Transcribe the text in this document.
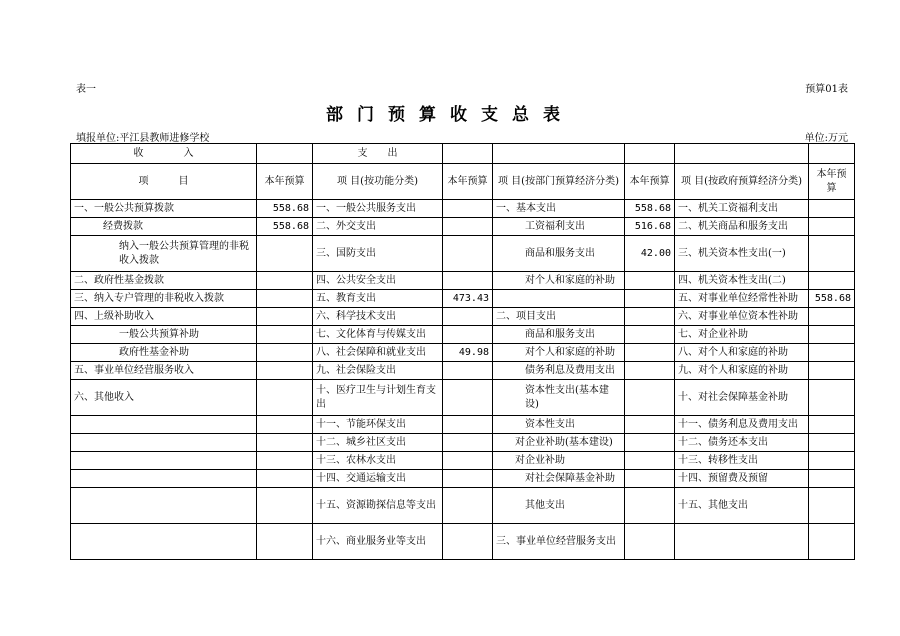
表一	预算01表
部门预算收支总表
填报单位:平江县教师进修学校	单位:万元
收　　　　入		支　　出					
项　　　目	本年预算	项 目(按功能分类)	本年预算	项 目(按部门预算经济分类)	本年预算	项 目(按政府预算经济分类)	本年预算
一、一般公共预算拨款	558.68	一、一般公共服务支出		一、基本支出	558.68	一、机关工资福利支出	
经费拨款	558.68	二、外交支出		工资福利支出	516.68	二、机关商品和服务支出	
纳入一般公共预算管理的非税收入拨款		三、国防支出		商品和服务支出	42.00	三、机关资本性支出(一)	
二、政府性基金拨款		四、公共安全支出		对个人和家庭的补助		四、机关资本性支出(二)	
三、纳入专户管理的非税收入拨款		五、教育支出	473.43			五、对事业单位经常性补助	558.68
四、上级补助收入		六、科学技术支出		二、项目支出		六、对事业单位资本性补助	
一般公共预算补助		七、文化体育与传媒支出		商品和服务支出		七、对企业补助	
政府性基金补助		八、社会保障和就业支出	49.98	对个人和家庭的补助		八、对个人和家庭的补助	
五、事业单位经营服务收入		九、社会保险支出		债务利息及费用支出		九、对个人和家庭的补助	
六、其他收入		十、医疗卫生与计划生育支出		资本性支出(基本建设)		十、对社会保障基金补助	
		十一、节能环保支出		资本性支出		十一、债务利息及费用支出	
		十二、城乡社区支出		对企业补助(基本建设)		十二、债务还本支出	
		十三、农林水支出		对企业补助		十三、转移性支出	
		十四、交通运输支出		对社会保障基金补助		十四、预留费及预留	
		十五、资源勘探信息等支出		其他支出		十五、其他支出	
		十六、商业服务业等支出		三、事业单位经营服务支出			
